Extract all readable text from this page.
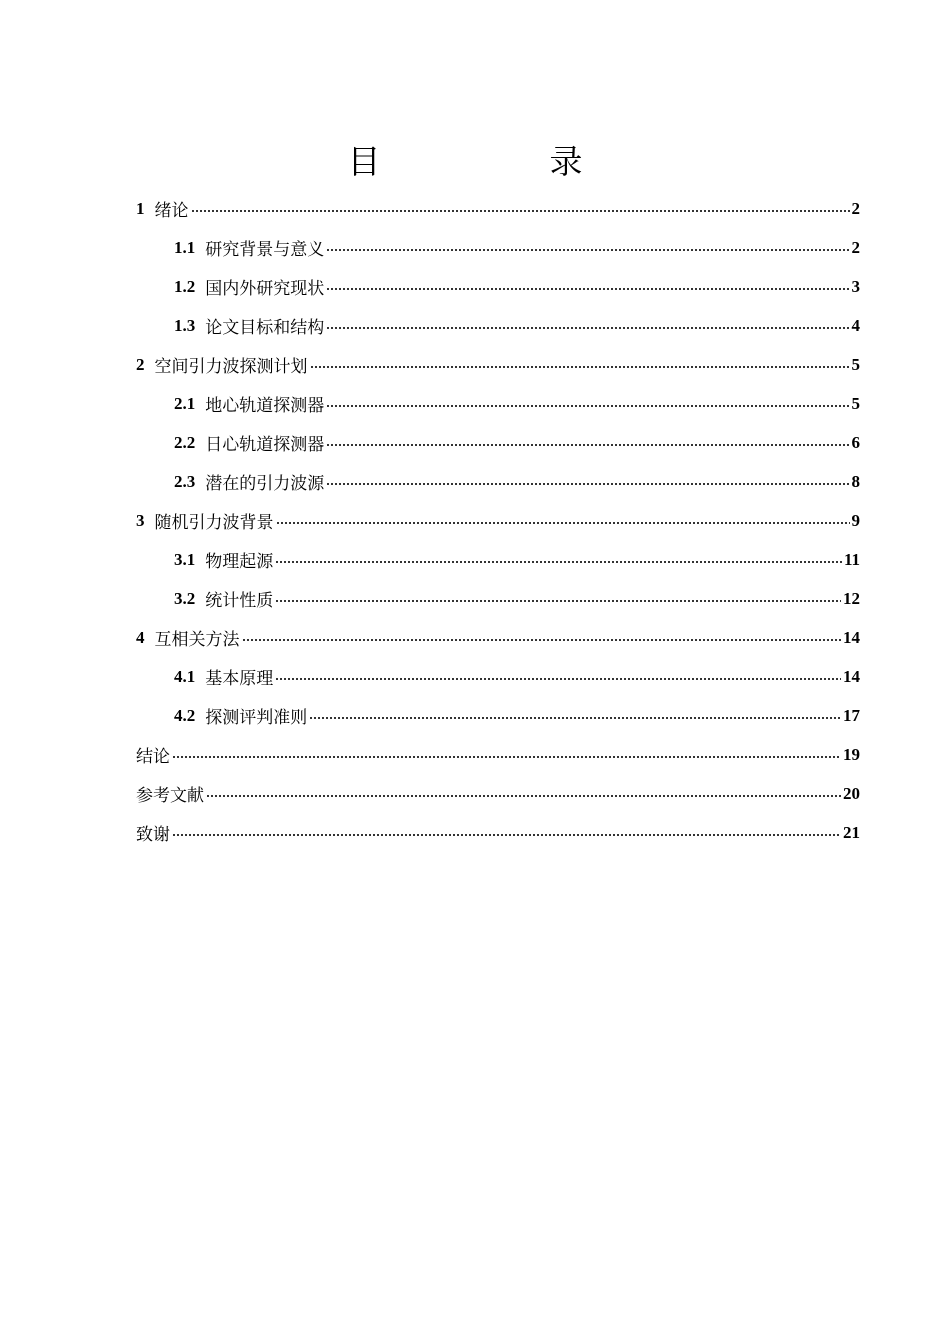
目　录
1 绪论	2
1.1 研究背景与意义	2
1.2 国内外研究现状	3
1.3 论文目标和结构	4
2 空间引力波探测计划	5
2.1 地心轨道探测器	5
2.2 日心轨道探测器	6
2.3 潜在的引力波源	8
3 随机引力波背景	9
3.1 物理起源	11
3.2 统计性质	12
4 互相关方法	14
4.1 基本原理	14
4.2 探测评判准则	17
结论	19
参考文献	20
致谢	21
